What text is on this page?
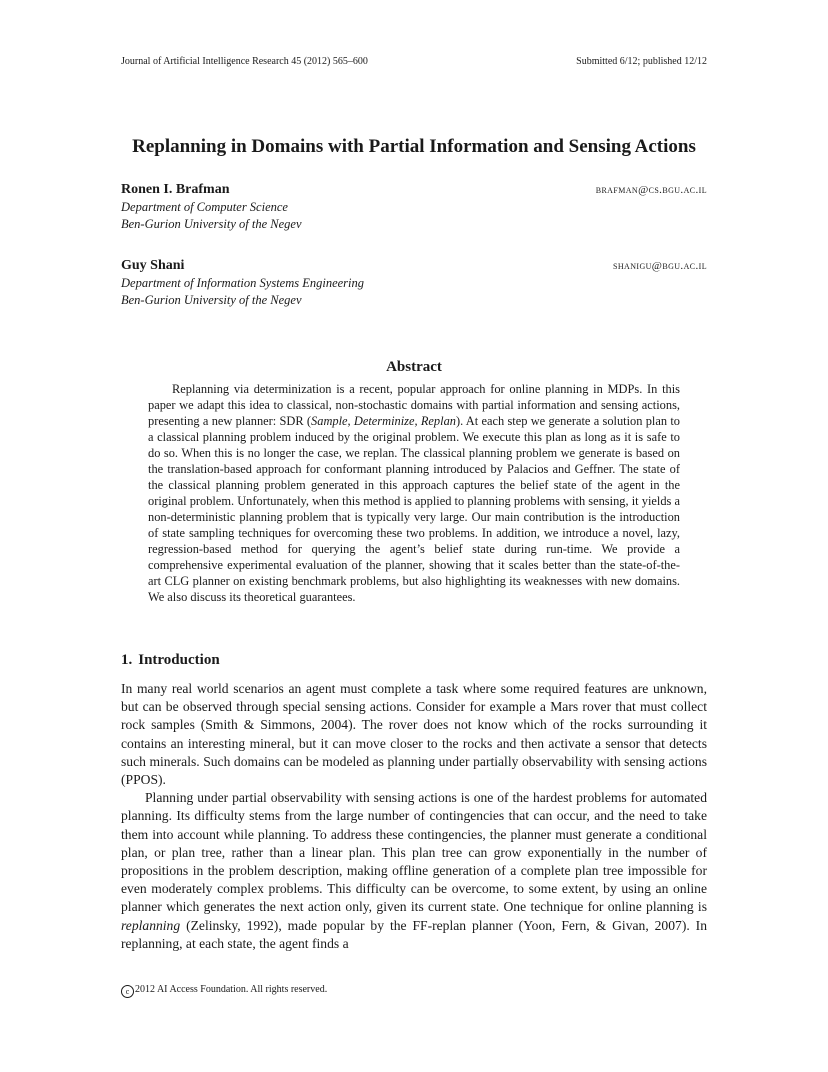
Journal of Artificial Intelligence Research 45 (2012) 565–600	Submitted 6/12; published 12/12
Replanning in Domains with Partial Information and Sensing Actions
Ronen I. Brafman	brafman@cs.bgu.ac.il
Department of Computer Science
Ben-Gurion University of the Negev
Guy Shani	shanigu@bgu.ac.il
Department of Information Systems Engineering
Ben-Gurion University of the Negev
Abstract

Replanning via determinization is a recent, popular approach for online planning in MDPs. In this paper we adapt this idea to classical, non-stochastic domains with partial information and sensing actions, presenting a new planner: SDR (Sample, Determinize, Replan). At each step we generate a solution plan to a classical planning problem induced by the original problem. We execute this plan as long as it is safe to do so. When this is no longer the case, we replan. The classical planning problem we generate is based on the translation-based approach for conformant planning introduced by Palacios and Geffner. The state of the classical planning problem generated in this approach captures the belief state of the agent in the original problem. Unfortunately, when this method is applied to planning problems with sensing, it yields a non-deterministic planning problem that is typically very large. Our main contribution is the introduction of state sampling techniques for overcoming these two problems. In addition, we introduce a novel, lazy, regression-based method for querying the agent’s belief state during run-time. We provide a comprehensive experimental evaluation of the planner, showing that it scales better than the state-of-the-art CLG planner on existing benchmark problems, but also highlighting its weaknesses with new domains. We also discuss its theoretical guarantees.

1. Introduction

In many real world scenarios an agent must complete a task where some required features are unknown, but can be observed through special sensing actions. Consider for example a Mars rover that must collect rock samples (Smith & Simmons, 2004). The rover does not know which of the rocks surrounding it contains an interesting mineral, but it can move closer to the rocks and then activate a sensor that detects such minerals. Such domains can be modeled as planning under partially observability with sensing actions (PPOS).

Planning under partial observability with sensing actions is one of the hardest problems for automated planning. Its difficulty stems from the large number of contingencies that can occur, and the need to take them into account while planning. To address these contingencies, the planner must generate a conditional plan, or plan tree, rather than a linear plan. This plan tree can grow exponentially in the number of propositions in the problem description, making offline generation of a complete plan tree impossible for even moderately complex problems. This difficulty can be overcome, to some extent, by using an online planner which generates the next action only, given its current state. One technique for online planning is replanning (Zelinsky, 1992), made popular by the FF-replan planner (Yoon, Fern, & Givan, 2007). In replanning, at each state, the agent finds a

c 2012 AI Access Foundation. All rights reserved.
